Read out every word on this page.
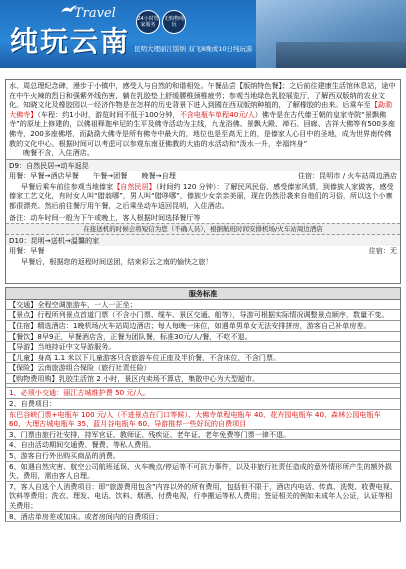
Travel
纯玩云南
24小时管家服务
无购物纯玩
昆明大理丽江版纳 双飞8晚或10日纯玩游
水、周总理纪念碑，漫步于小镇中，感受人与自然的和谐相处。午餐品尝【版纳特色餐】；之后前往建康生活馆休息站，途中在中午火辣的烈日和强紫外线伤害，躺在乳胶垫上舒缓腰椎颈椎疲劳；参观当地绿色乳胶展览厅，了解西双版纳的农业文化。知晓文化及橡胶园以一经济作物是在怎样的历史背景下进入到國在西双版纳种植的，了解橡胶的由来。后乘车至【勐泐大佛寺】（车程：约1小时，游览时间不低于100分钟，不含电瓶车单程40元/人）佛寺是在古代傣王朝的皇家寺院“景飘佛寺”的原址上修建的，以佛祖释迦牟尼的生平及佛寺活动为主线，九龙浴佛、景飘大殿、禅石、回廊、吉祥大佛等有500多座佛寺，200多座佛塔，而勐泐大佛寺是所有佛寺中最大的，地位也是至高无上的，是傣家人心目中的圣地，成为世界南传佛教的文化中心。根据时间可以考虑可以参观东南亚佛教的大庙的水活动和“泼水一升，幸福终身”
晚餐不含，入住酒店。
D9：自然民居→动车返昆
用餐：早餐→酒店早餐　　午餐→团餐　　晚餐→自理	住宿：昆明市 / 火车站周边酒店
早餐后乘车前往参观当地傣家【自然民居】（时间约 120 分钟）：了解民风民俗、感受傣家风情，到傣族人家做客，感受傣家工艺文化，有时女人叫“腊翁哪”，男人叫“腊哆哪”，傣族少女亲亲美丽，现在仍然沿袭来自他们的习俗，所以这个小寨都很漂亮。然后前往餐厅用午餐，之后乘坐动车返回昆明，入住酒店。
备注：动车时间一般为下午或晚上，客人根据时间选择餐厅等
在接送机的时候会将短信为您（不确人员），根据航班时间安排机场/火车站周边酒店
D10：昆明→送机→温馨的家
用餐：早餐	住宿：无
早餐后，根据您的返程时间送团，结束彩云之南的愉快之旅！
服务标准
【交通】全程空调旅游车，一人一正坐；
【景点】行程所列景点首道门票（不含小门票、缆车、景区交通、船等），导游可根据实际情况调整景点顺序，数量不变。
【住宿】精选酒店：1晚机场/火车站周边酒店；每人每晚一床位，如遇单男单女无法安排拼房，游客自己补单房差。
【餐饮】8早9正，早餐酒店含，正餐为团队餐，标准30元/人/餐，不吃不退。
【导游】当地持证中文导游服务。
【儿童】身高 1.1 米以下儿童游客只含旅游车位正座及半价餐，不含床位，不含门票。
【保险】云南旅游组合保险（旅行社责任险）
【购物费用购】乳胶生活馆 2 小时，景区内卖场不算店，集散中心为大型超市。
1、必须小交通：丽江古城维护费 50 元/人。
2、自费项目：
东巴谷峡门票+电瓶车 100 元/人（不进景点在门口等候）、大佛寺单程电瓶车 40、花卉园电瓶车 40、森林公园电瓶车 60、大理古城电瓶车 35、蓝月谷电瓶车 60、导游推荐一些好玩的自费项目
3、门票由旅行社安排，持军官证、教师证、残疾证、老年证、老年免费等门票一律不退。
4、自由活动期间交通费、餐费、等私人费用。
5、游客自行外出购买商品的消费。
6、如遇自然灾害、航空公司航班延误、火车晚点/停运等不可抗力事件，以及非旅行社责任造成的意外情形所产生的额外损失、费用，需由客人自理。
7、客人自选个人消费项目：即“旅游费用包含”内容以外的所有费用，包括但不限于，酒店内电话、传真、洗熨、收费电视、饮料等费用；洗衣、理发、电话、饮料、烟酒、付费电视，行李搬运等私人费用；签证相关的例如未成年人公证，认证等相关费用；
8、酒店单房差或加床。或者房间内的自费项目；
